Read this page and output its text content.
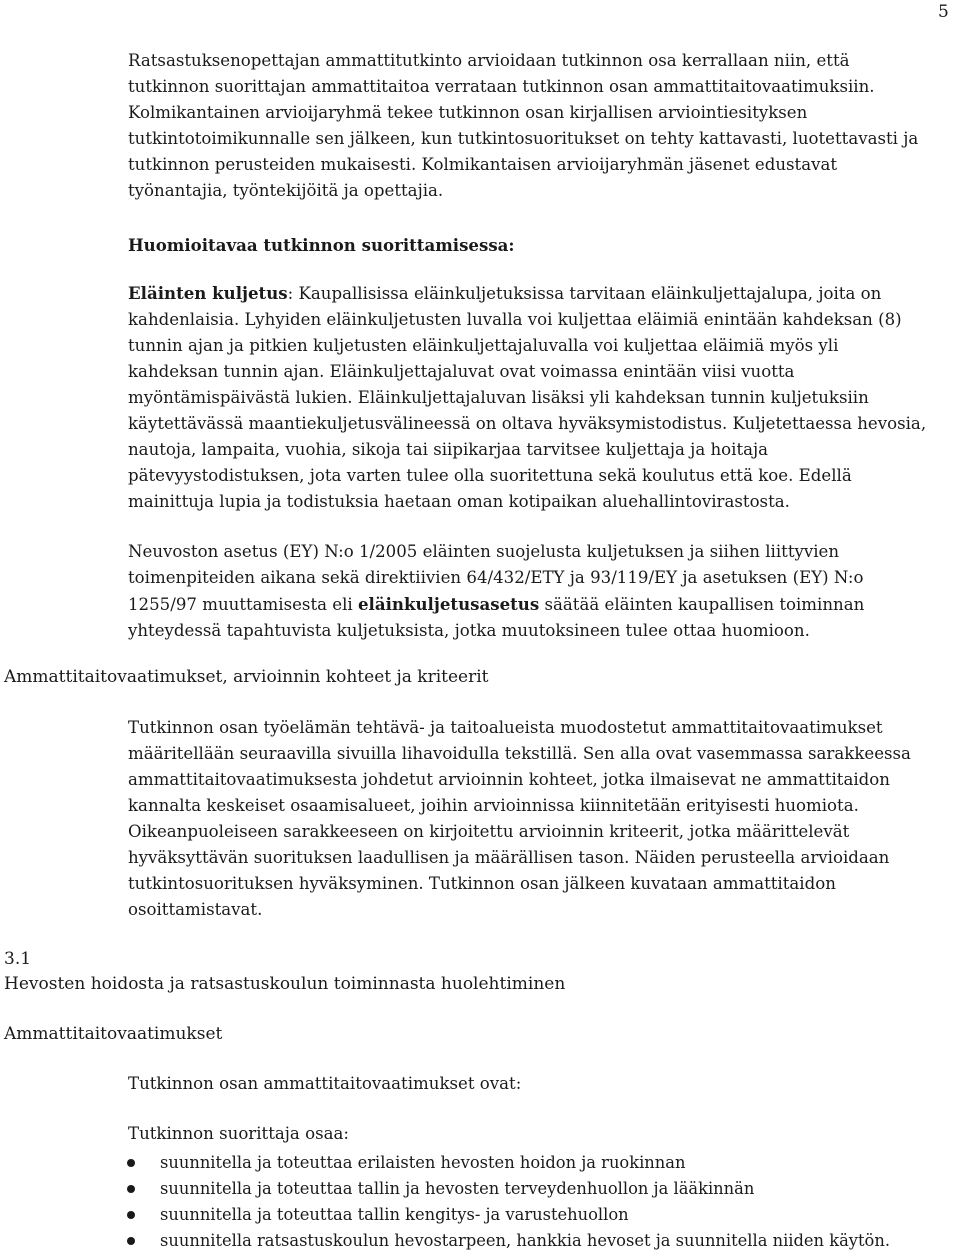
5

Ratsastuksenopettajan ammattitutkinto arvioidaan tutkinnon osa kerrallaan niin, että tutkinnon suorittajan ammattitaitoa verrataan tutkinnon osan ammattitaitovaatimuksiin. Kolmikantainen arvioijaryhmä tekee tutkinnon osan kirjallisen arviointiesityksen tutkintotoimikunnalle sen jälkeen, kun tutkintosuoritukset on tehty kattavasti, luotettavasti ja tutkinnon perusteiden mukaisesti. Kolmikantaisen arvioijaryhmän jäsenet edustavat työnantajia, työntekijöitä ja opettajia.

Huomioitavaa tutkinnon suorittamisessa:

Eläinten kuljetus: Kaupallisissa eläinkuljetuksissa tarvitaan eläinkuljettajalupa, joita on kahdenlaisia. Lyhyiden eläinkuljetusten luvalla voi kuljettaa eläimiä enintään kahdeksan (8) tunnin ajan ja pitkien kuljetusten eläinkuljettajaluvalla voi kuljettaa eläimiä myös yli kahdeksan tunnin ajan. Eläinkuljettajaluvat ovat voimassa enintään viisi vuotta myöntämispäivästä lukien. Eläinkuljettajaluvan lisäksi yli kahdeksan tunnin kuljetuksiin käytettävässä maantiekuljetusvälineessä on oltava hyväksymistodistus. Kuljetettaessa hevosia, nautoja, lampaita, vuohia, sikoja tai siipikarjaa tarvitsee kuljettaja ja hoitaja pätevyystodistuksen, jota varten tulee olla suoritettuna sekä koulutus että koe. Edellä mainittuja lupia ja todistuksia haetaan oman kotipaikan aluehallintovirastosta.

Neuvoston asetus (EY) N:o 1/2005 eläinten suojelusta kuljetuksen ja siihen liittyvien toimenpiteiden aikana sekä direktiivien 64/432/ETY ja 93/119/EY ja asetuksen (EY) N:o 1255/97 muuttamisesta eli eläinkuljetusasetus säätää eläinten kaupallisen toiminnan yhteydessä tapahtuvista kuljetuksista, jotka muutoksineen tulee ottaa huomioon.

Ammattitaitovaatimukset, arvioinnin kohteet ja kriteerit

Tutkinnon osan työelämän tehtävä- ja taitoalueista muodostetut ammattitaitovaatimukset määritellään seuraavilla sivuilla lihavoidulla tekstillä. Sen alla ovat vasemmassa sarakkeessa ammattitaitovaatimuksesta johdetut arvioinnin kohteet, jotka ilmaisevat ne ammattitaidon kannalta keskeiset osaamisalueet, joihin arvioinnissa kiinnitetään erityisesti huomiota. Oikeanpuoleiseen sarakkeeseen on kirjoitettu arvioinnin kriteerit, jotka määrittelevät hyväksyttävän suorituksen laadullisen ja määrällisen tason. Näiden perusteella arvioidaan tutkintosuorituksen hyväksyminen. Tutkinnon osan jälkeen kuvataan ammattitaidon osoittamistavat.

3.1
Hevosten hoidosta ja ratsastuskoulun toiminnasta huolehtiminen
Ammattitaitovaatimukset
Tutkinnon osan ammattitaitovaatimukset ovat:
Tutkinnon suorittaja osaa:
suunnitella ja toteuttaa erilaisten hevosten hoidon ja ruokinnan
suunnitella ja toteuttaa tallin ja hevosten terveydenhuollon ja lääkinnän
suunnitella ja toteuttaa tallin kengitys- ja varustehuollon
suunnitella ratsastuskoulun hevostarpeen, hankkia hevoset ja suunnitella niiden käytön.
